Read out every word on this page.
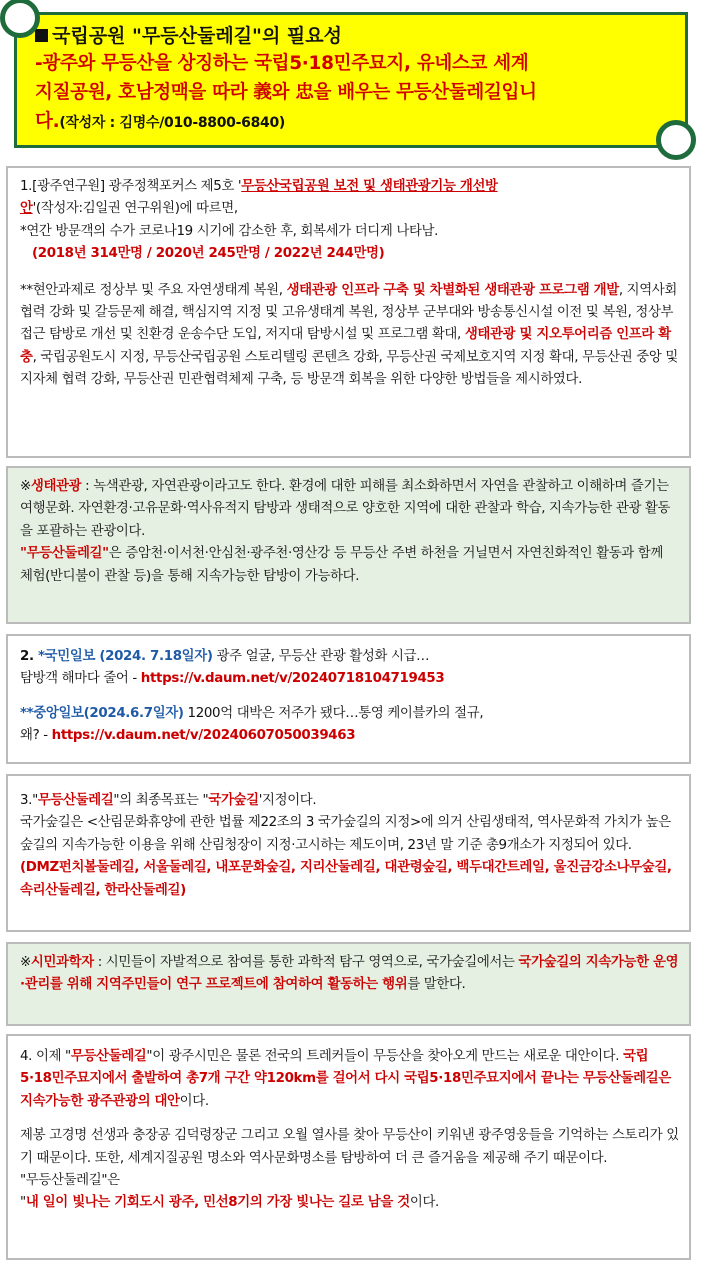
국립공원 "무등산둘레길"의 필요성

-광주와 무등산을 상징하는 국립5·18민주묘지, 유네스코 세계

지질공원, 호남정맥을 따라 義와 忠을 배우는 무등산둘레길입니

다.(작성자 : 김명수/010-8800-6840)

1.[광주연구원] 광주정책포커스 제5호 '무등산국립공원 보전 및 생태관광기능 개선방

안'(작성자:김일권 연구위원)에 따르면,

*연간 방문객의 수가 코로나19 시기에 감소한 후, 회복세가 더디게 나타남.

(2018년 314만명 / 2020년 245만명 / 2022년 244만명)

**현안과제로 정상부 및 주요 자연생태계 복원, 생태관광 인프라 구축 및 차별화된 생태관광 프로그램 개발, 지역사회 협력 강화 및 갈등문제 해결, 핵심지역 지정 및 고유생태계 복원, 정상부 군부대와 방송통신시설 이전 및 복원, 정상부 접근 탐방로 개선 및 친환경 운송수단 도입, 저지대 탐방시설 및 프로그램 확대, 생태관광 및 지오투어리즘 인프라 확충, 국립공원도시 지정, 무등산국립공원 스토리텔링 콘텐츠 강화, 무등산권 국제보호지역 지정 확대, 무등산권 중앙 및 지자체 협력 강화, 무등산권 민관협력체제 구축, 등 방문객 회복을 위한 다양한 방법들을 제시하였다.

※생태관광 : 녹색관광, 자연관광이라고도 한다. 환경에 대한 피해를 최소화하면서 자연을 관찰하고 이해하며 즐기는 여행문화. 자연환경·고유문화·역사유적지 탐방과 생태적으로 양호한 지역에 대한 관찰과 학습, 지속가능한 관광 활동을 포괄하는 관광이다.

"무등산둘레길"은 증암천·이서천·안심천·광주천·영산강 등 무등산 주변 하천을 거닐면서 자연친화적인 활동과 함께 체험(반디불이 관찰 등)을 통해 지속가능한 탐방이 가능하다.

2. *국민일보 (2024. 7.18일자) 광주 얼굴, 무등산 관광 활성화 시급…

탐방객 해마다 줄어 - https://v.daum.net/v/20240718104719453

**중앙일보(2024.6.7일자) 1200억 대박은 저주가 됐다…통영 케이블카의 절규,

왜? - https://v.daum.net/v/20240607050039463

3."무등산둘레길"의 최종목표는 "국가숲길'지정이다.

국가숲길은 <산림문화휴양에 관한 법률 제22조의 3 국가숲길의 지정>에 의거 산림생태적, 역사문화적 가치가 높은 숲길의 지속가능한 이용을 위해 산림청장이 지정·고시하는 제도이며, 23년 말 기준 총9개소가 지정되어 있다.

(DMZ펀치볼둘레길, 서울둘레길, 내포문화숲길, 지리산둘레길, 대관령숲길, 백두대간트레일, 울진금강소나무숲길, 속리산둘레길, 한라산둘레길)

※시민과학자 : 시민들이 자발적으로 참여를 통한 과학적 탐구 영역으로, 국가숲길에서는 국가숲길의 지속가능한 운영·관리를 위해 지역주민들이 연구 프로젝트에 참여하여 활동하는 행위를 말한다.

4. 이제 "무등산둘레길"이 광주시민은 물론 전국의 트레커들이 무등산을 찾아오게 만드는 새로운 대안이다. 국립5·18민주묘지에서 출발하여 총7개 구간 약120km를 걸어서 다시 국립5·18민주묘지에서 끝나는 무등산둘레길은 지속가능한 광주관광의 대안이다.

제봉 고경명 선생과 충장공 김덕령장군 그리고 오월 열사를 찾아 무등산이 키워낸 광주영웅들을 기억하는 스토리가 있기 때문이다. 또한, 세계지질공원 명소와 역사문화명소를 탐방하여 더 큰 즐거움을 제공해 주기 때문이다.

"무등산둘레길"은

"내 일이 빛나는 기회도시 광주, 민선8기의 가장 빛나는 길로 남을 것이다.
